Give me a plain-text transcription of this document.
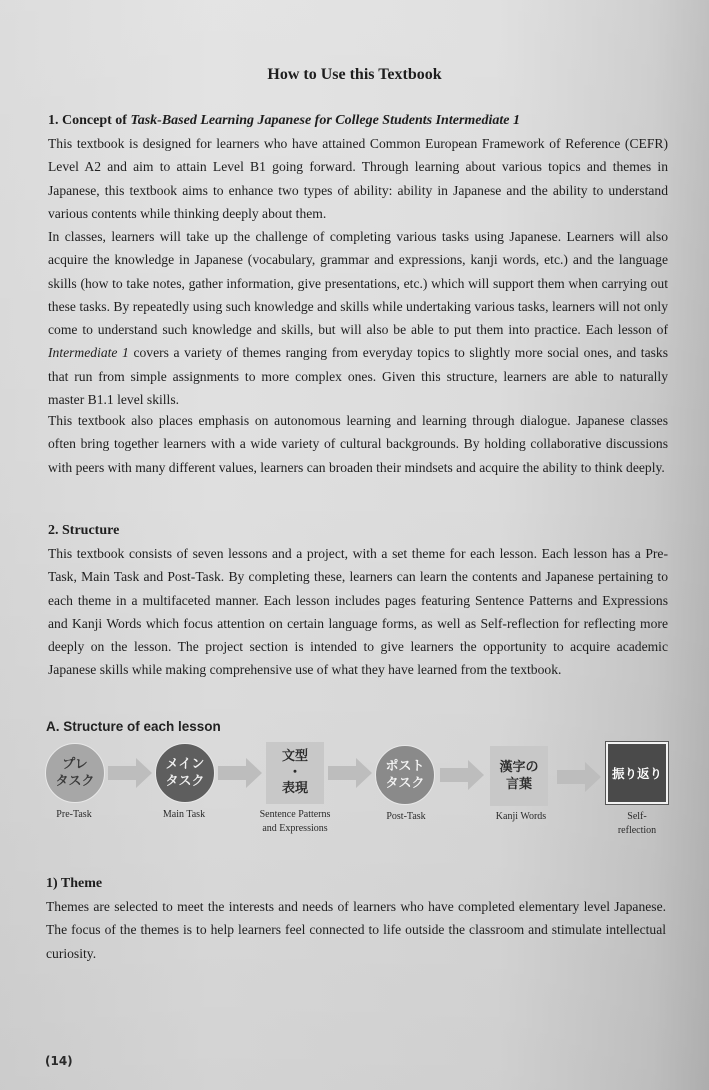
How to Use this Textbook
1. Concept of Task-Based Learning Japanese for College Students Intermediate 1
This textbook is designed for learners who have attained Common European Framework of Reference (CEFR) Level A2 and aim to attain Level B1 going forward. Through learning about various topics and themes in Japanese, this textbook aims to enhance two types of ability: ability in Japanese and the ability to understand various contents while thinking deeply about them.
In classes, learners will take up the challenge of completing various tasks using Japanese. Learners will also acquire the knowledge in Japanese (vocabulary, grammar and expressions, kanji words, etc.) and the language skills (how to take notes, gather information, give presentations, etc.) which will support them when carrying out these tasks. By repeatedly using such knowledge and skills while undertaking various tasks, learners will not only come to understand such knowledge and skills, but will also be able to put them into practice. Each lesson of Intermediate 1 covers a variety of themes ranging from everyday topics to slightly more social ones, and tasks that run from simple assignments to more complex ones. Given this structure, learners are able to naturally master B1.1 level skills.
This textbook also places emphasis on autonomous learning and learning through dialogue. Japanese classes often bring together learners with a wide variety of cultural backgrounds. By holding collaborative discussions with peers with many different values, learners can broaden their mindsets and acquire the ability to think deeply.
2. Structure
This textbook consists of seven lessons and a project, with a set theme for each lesson. Each lesson has a Pre-Task, Main Task and Post-Task. By completing these, learners can learn the contents and Japanese pertaining to each theme in a multifaceted manner. Each lesson includes pages featuring Sentence Patterns and Expressions and Kanji Words which focus attention on certain language forms, as well as Self-reflection for reflecting more deeply on the lesson. The project section is intended to give learners the opportunity to acquire academic Japanese skills while making comprehensive use of what they have learned from the textbook.
A. Structure of each lesson
プレ
タスク
メイン
タスク
文型
・
表現
ポスト
タスク
漢字の
言葉
振り返り
Pre-Task	Main Task	Sentence Patterns and Expressions
Post-Task	Kanji Words	Self-reflection
1) Theme
Themes are selected to meet the interests and needs of learners who have completed elementary level Japanese. The focus of the themes is to help learners feel connected to life outside the classroom and stimulate intellectual curiosity.
(14)
